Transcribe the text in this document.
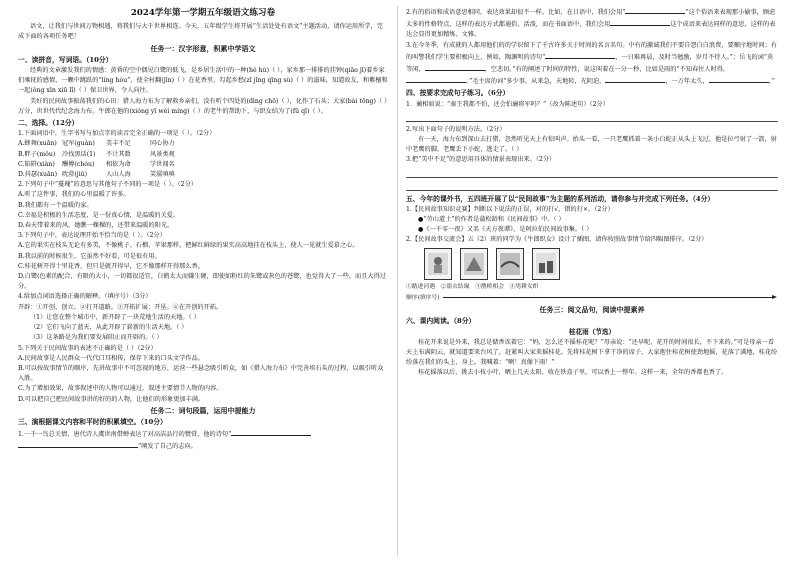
2024学年第一学期五年级语文练习卷

语文，让我们与世间万物相遇，将我们与大千世界相连。今天，五年级学生将开展“生活处处有语文”主题活动，请你运用所学，完成下面的各项任务吧！

任务一：汉字形意，积累中学语文
一、读拼音，写词语。（10分）

经典的文章激发我们的情感：黄昏的空中偶见白鹭的低飞，是乡居生活中的一种(hé hù)（ ），家乡那一排排的挂钟(qiāo jī)着乡家们乘抚的感情，一颗中跳跃的“líng hòu”，使全村翻(jīn)（ ）在花香里，勾起乡愁(zǐ jǐng qīng sù)（ ）的滋味，知道故友，和紫檀和一起(ǒng xīn xiū lǐ)（ ）保卫世界，令人向往。

美好的民间故事振荡我们的心田：猎人海力布为了解救乡亲们，没有听个四处的(dìng chō)（ ），化作了石头；大家(bài tōng)（ ）万分，世世代代纪念海力布。牛郎在他的(xióng yī wèi míng)（ ）的老牛的帮助下，与织女结为了(fū qī)（ ）。

二、选择。（12分）
1.下面词语中，生字书写与加点字的读音完全正确的一项是（ ）。（2分）
A.蜂舞(xuǎn) 冠军(guàn)	美丰不足	同心协力
B.畔子(mǒu)	冷找黑话(1)	不计其数	风景类观
C.陷阱(xiàn)	酬傅(chóu)	相依为命	学世闻名
D.抖瑟(xuān) 吮澄(jiǔ)	人山人海	笑靥嗔嗔
2.下列句子中“蔓瑰”的意思与其他句子不同的一项是（ ）。（2分）
A.听了这件事，我们的心里温暖了许多。
B.我们都有一个温暖的家。
C.幸福是积极的生活态度，是一份真心情，是温暖的关爱。
D.春天带着来的风，她瞧一棵棵的，还带来温暖的阳光。
3.下列句子中，表达说理开始不恰当的是（ ）。（2分）
A.它的果实在枝头无论有多美，不像桃子、石榴、苹果那样，把鲜红鲜绿的果实高高地挂在枝头上，使人一见就生爱慕之心。
B.我以前的时候很生，它虽然不好看，可是很有用。
C.桂花树开得十里花香，但只是就开得早，它不像那样开得那么香。
D.白鹭(色素的配合，有限的大小，一切都很适宜，白鹤太大而嫌生硬，即使如粉红的朱鹭或灰色的苍鹭，也觉得大了一些，而且大得过分。
4.给加点词语选择正确的解释。（填序号）（3分）
开辟：①开创，创立。②打开道路。③开拓扩展：开垦。④在开创的开拓。
（1）让您在整个城市中，新开辟了一块荒地生活的天地。（ ）
（2）它们飞向了蓝天，从此开辟了崭新的生活天地。（ ）
（3）这条路是为我们要发展阻止而开辟的。（ ）
5.下列关于民间故事的表述不正确的是（ ）（2分）
A.民间故事是人民群众一代代口耳相传，保存下来的口头文学作品。
B.可以按故事情节的顺序，先讲故事中不可忽视的地方，运营一些悬念吸引听众，如《猎人海力布》中完善埃石头的过程，以吸引听众入胜。
C.为了增加效果，故事叙述中的人物可以通过，叙述主要情节人物的内容。
D.可以把自己把民间故事讲的好的的人物，让他们的形象更加丰满。
任务二：词句段篇，运用中提能力
三、演根据课文内容和平时的积累填空。（10分）
1.一千一鸟总关情，唐代诗人虞世南借蝉表达了对高洁品行的赞赏，他的诗句“
”阐发了自己的志向。

2.有的俗语和成语意思相同，表达效果却很不一样。比如，在日语中，我们会用“	”这个俗语来表现那小偷事，顾虑太多的性格特点，这样的表达方式都通俗、活泼，而在书面语中，我们会用	这个成语来表达同样的意思，这样的表达会显得更加精炼、文雅。

3.在今冬季，有成就的人都用他们的的学识留下了千古许多关于时间的名言名句。中有的激诚我们不要自怨白白浪费，要顺序地时间；有的叫警我们学生要积极向上，例如，陶渊明的诗句“	，一日难再晨，及时当勉励，岁月不待人。”；岳飞的词“莫等闲，	，空悲切。”有的阐述了时间的特性，说这叫着在一分一秒，比如是雨的“不知春住人时得，。”毛主席的词“多少事，从来急，天地转，光阴迫，	，一万年太久，	。”

四、按要求完成句子练习。（6分）
1．蔺相如说：“秦王我都不怕，还会怕廉将军吗？”（改为陈述句）（2分）
2.写出下面句子的说明方法。（2分）

有一天，海力布到深山去打猎，忽然听见天上有惊叫声。抬头一看，一只老鹰抓着一条小白蛇正从头上飞过。他是拉弓射了一箭，射中老鹰的脚，老鹰丢下小蛇，逃走了。（ ）

3.把“美中不足”的意思用具体的情景表现出来。（2分）
五、今年的课外书，五四班开展了以“民间故事”为主题的系列活动，请你参与并完成下列任务。（4分）
1.【民间故事知识竞赛】判断以下说法的正误，对的打√，错的打×。（2分）
●“劳山道士”的作者是蒲松龄和《民间故事》中。（ ）
●《一千零一夜》又名《天方夜谭》，是阿拉伯民间故事集。（ ）
2.【民间故事交流会】五（2）班的同学为《牛郎织女》设计了插图，请你按照故事情节给四幅图排序。（2分）
①踏进河遇 ②盗衣结缘 ③鹊桥相会 ④男耕女织
顺序(填序号)
任务三：阅文品句，阅读中提素养
六、课内阅读。（8分）
桂花雨（节选）

桂花开来说是外来，我总是储香诶着它：“妈，怎么还不摇桂花呢？”母亲说：“还早呢，花开的时间很长，不下来的。”可是母亲一看天上布满阴云，就知道要来台风了，赶紧叫大家来摇桂花。先将桂花树下拿干净的席子，大家抱住桂花树使劲地摇，花落了满地，桂花纷纷落在我们的头上、身上。我喊着：“啊！真像下雨！”

桂花摇落以后，挑去小枝小叶，晒上几天太阳，收在铁盒子里，可以香上一整年。这样一来，全年的香都也香了。
